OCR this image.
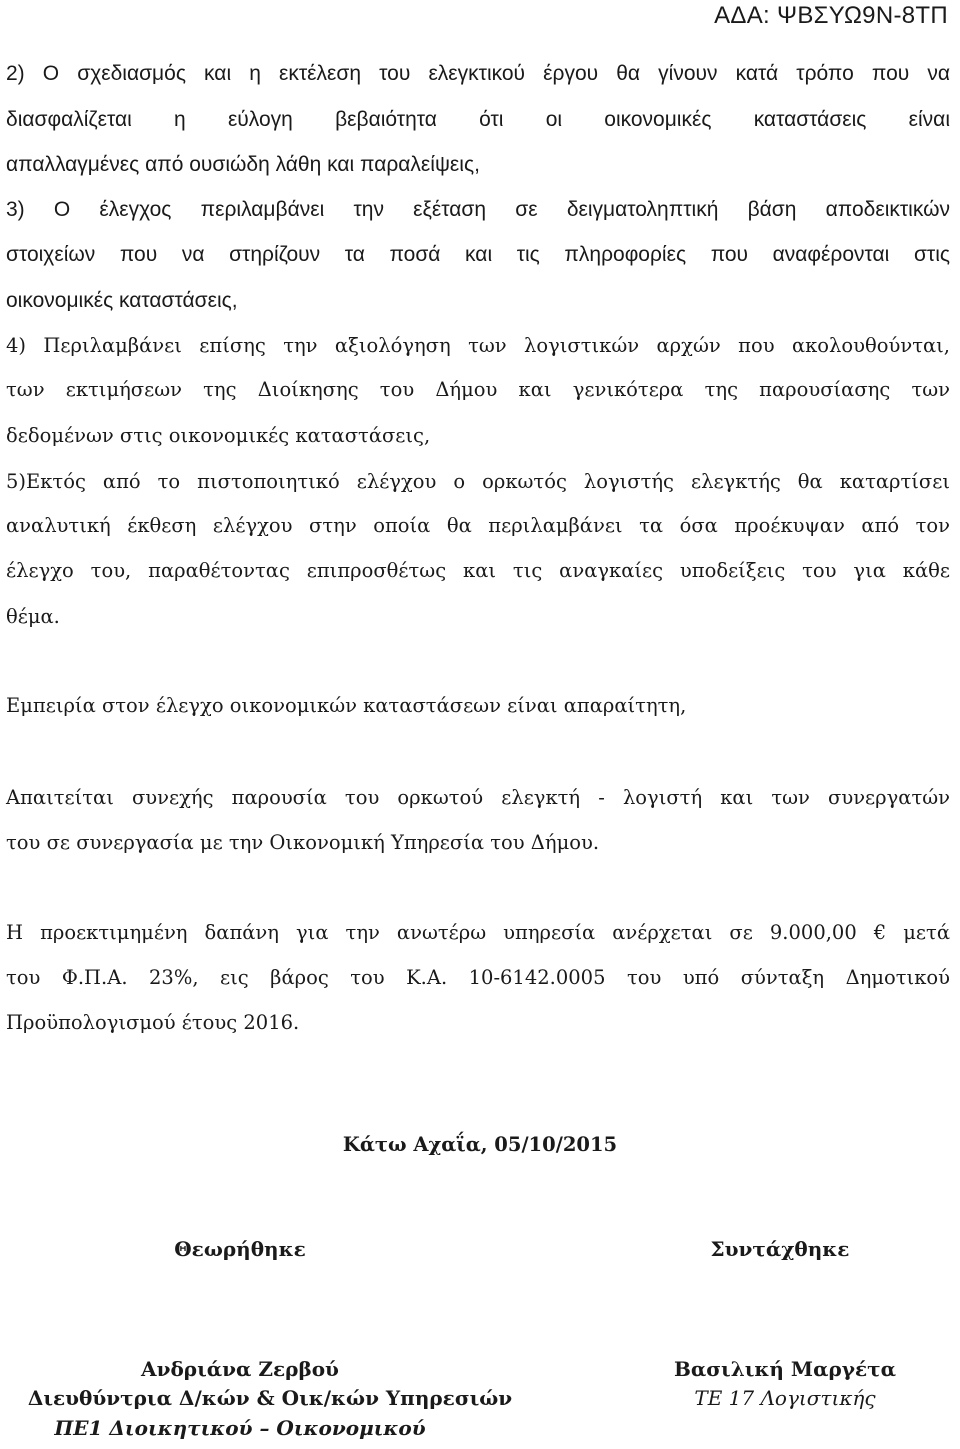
ΑΔΑ: ΨΒΣΥΩ9Ν-8ΤΠ
2) Ο σχεδιασμός και η εκτέλεση του ελεγκτικού έργου θα γίνουν κατά τρόπο που να
διασφαλίζεται η εύλογη βεβαιότητα ότι οι οικονομικές καταστάσεις είναι
απαλλαγμένες από ουσιώδη λάθη και παραλείψεις,
3) Ο έλεγχος περιλαμβάνει την εξέταση σε δειγματοληπτική βάση αποδεικτικών
στοιχείων που να στηρίζουν τα ποσά και τις πληροφορίες που αναφέρονται στις
οικονομικές καταστάσεις,
4) Περιλαμβάνει επίσης την αξιολόγηση των λογιστικών αρχών που ακολουθούνται,
των εκτιμήσεων της Διοίκησης του Δήμου και γενικότερα της παρουσίασης των
δεδομένων στις οικονομικές καταστάσεις,
5)Εκτός από το πιστοποιητικό ελέγχου ο ορκωτός λογιστής ελεγκτής θα καταρτίσει
αναλυτική έκθεση ελέγχου στην οποία θα περιλαμβάνει τα όσα προέκυψαν από τον
έλεγχο του, παραθέτοντας επιπροσθέτως και τις αναγκαίες υποδείξεις του για κάθε
θέμα.
Εμπειρία στον έλεγχο οικονομικών καταστάσεων είναι απαραίτητη,
Απαιτείται συνεχής παρουσία του ορκωτού ελεγκτή - λογιστή και των συνεργατών
του σε συνεργασία με την Οικονομική Υπηρεσία του Δήμου.
Η προεκτιμημένη δαπάνη για την ανωτέρω υπηρεσία ανέρχεται σε 9.000,00 € μετά
του Φ.Π.Α. 23%, εις βάρος του Κ.Α. 10-6142.0005 του υπό σύνταξη Δημοτικού
Προϋπολογισμού έτους 2016.
Κάτω Αχαΐα, 05/10/2015
Θεωρήθηκε	Συντάχθηκε
Ανδριάνα Ζερβού
Διευθύντρια Δ/κών & Οικ/κών Υπηρεσιών
ΠΕ1 Διοικητικού – Οικονομικού
Βασιλική Μαργέτα
ΤΕ 17 Λογιστικής
